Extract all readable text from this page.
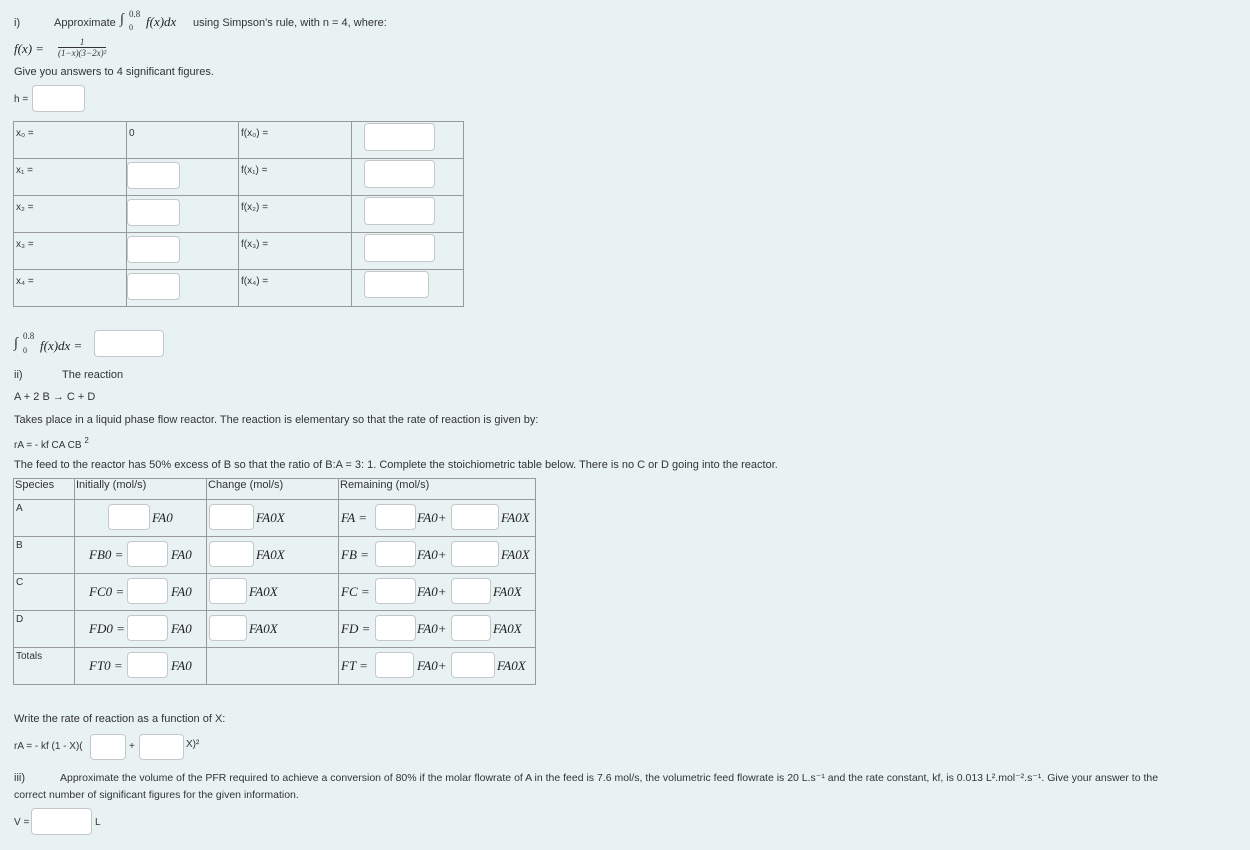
i)	Approximate ∫ 0.8
0 f(x)dx using Simpson's rule, with n = 4, where:
$f(x) = \frac{1}{\text{(1−x)(3−2x)²}}$
Give you answers to 4 significant figures.
h =
x₀ =	0	f(x₀) =	

x₁ =		f(x₁) =	

x₂ =		f(x₂) =	

x₃ =		f(x₃) =	

x₄ =		f(x₄) =	

∫ 0.8
0 f(x)dx =
ii)	The reaction
A + 2 B → C + D
Takes place in a liquid phase flow reactor. The reaction is elementary so that the rate of reaction is given by:
rA = - kf CA CB $^2$
The feed to the reactor has 50% excess of B so that the ratio of B:A = 3: 1. Complete the stoichiometric table below. There is no C or D going into the reactor.
Species	Initially (mol/s)	Change (mol/s)	Remaining (mol/s)

A	FA0	FA0X	FA = FA0+ FA0X

B	FB0 = FA0	FA0X	FB = FA0+ FA0X

C	FC0 = FA0	FA0X	FC = FA0+ FA0X

D	FD0 = FA0	FA0X	FD = FA0+ FA0X

Totals	FT0 = FA0		FT = FA0+ FA0X
Write the rate of reaction as a function of X:
rA = - kf (1 - X)(	+	X)²
iii)	Approximate the volume of the PFR required to achieve a conversion of 80% if the molar flowrate of A in the feed is 7.6 mol/s, the volumetric feed flowrate is 20 L.s⁻¹ and the rate constant, kf, is 0.013 L².mol⁻².s⁻¹. Give your answer to the
correct number of significant figures for the given information.
V =	L
